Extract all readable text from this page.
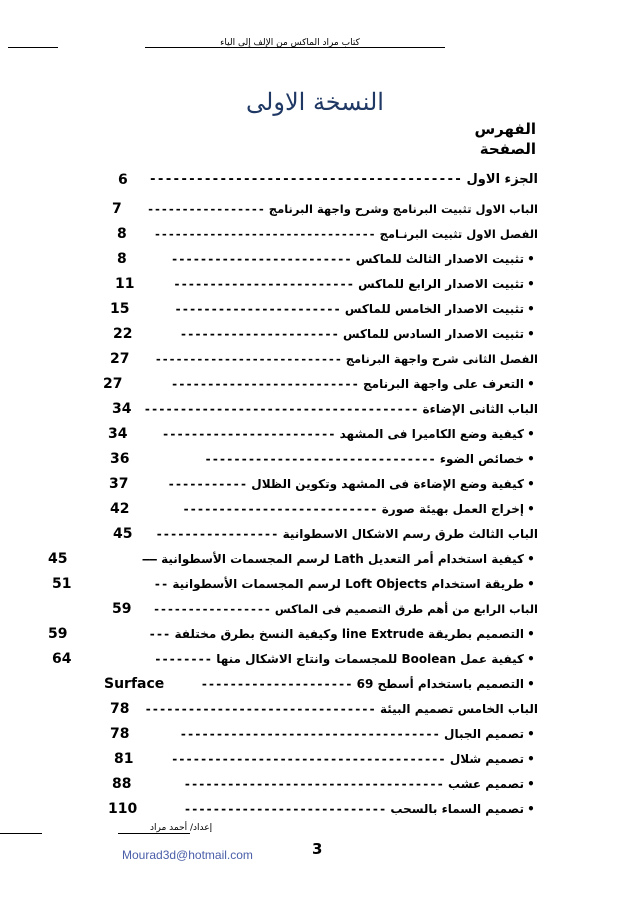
كتاب مراد الماكس من الإلف إلى الياء
النسخة الاولى
الفهرس
الصفحة
الجزء الاول ----------------------------------------
6
الباب الاول تثبيت البرنامج وشرح واجهة البرنامج -----------------
7
الفصل الاول تثبيت البرنـامج --------------------------------
8
•تثبيت الاصدار الثالث للماكس -------------------------
8
•تثبيت الاصدار الرابع للماكس -------------------------
11
•تثبيت الاصدار الخامس للماكس -----------------------
15
•تثبيت الاصدار السادس للماكس ----------------------
22
الفصل الثانى شرح واجهة البرنامج ---------------------------
27
•التعرف على واجهة البرنامج --------------------------
27
الباب الثانى الإضاءة --------------------------------------
34
•كيفية وضع الكاميرا فى المشهد ------------------------
34
•خصائص الضوء --------------------------------
36
•كيفية وضع الإضاءة فى المشهد وتكوين الظلال -----------
37
•إخراج العمل بهيئة صورة ---------------------------
42
الباب الثالث طرق رسم الاشكال الاسطوانية -----------------
45
•كيفية استخدام أمر التعديل Lath لرسم المجسمات الأسطوانية ——
45
•طريقة استخدام Loft Objects لرسم المجسمات الأسطوانية --
51
الباب الرابع من أهم طرق التصميم فى الماكس -----------------
59
•التصميم بطريقة line Extrude وكيفية النسخ بطرق مختلفة ---
59
•كيفية عمل Boolean للمجسمات وانتاج الاشكال منها --------
64
•التصميم باستخدام أسطح 69 ---------------------
Surface
الباب الخامس تصميم البيئة --------------------------------
78
•تصميم الجبال ------------------------------------
78
•تصميم شلال --------------------------------------
81
•تصميم عشب ------------------------------------
88
•تصميم السماء بالسحب ----------------------------
110
إعداد/ أحمد مراد
Mourad3d@hotmail.com	3
